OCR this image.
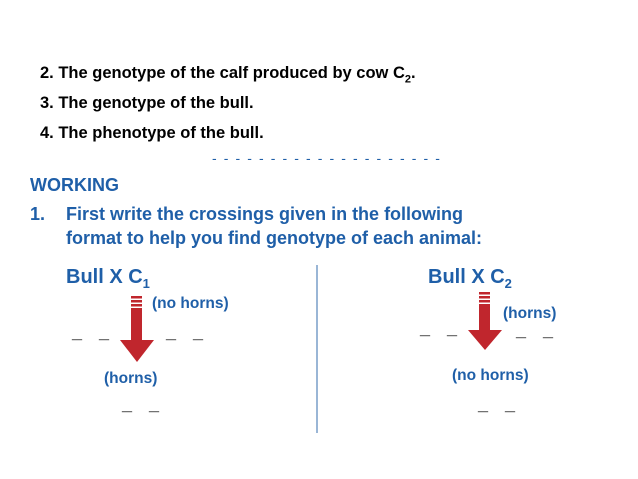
2. The genotype of the calf produced by cow $C_2$.
3. The genotype of the bull.
4. The phenotype of the bull.
- - - - - - - - - - - - - - - - - - - -
WORKING
1. First write the crossings given in the following
format to help you find genotype of each animal:
Bull X $C_1$
(no horns)
_ _	_ _
(horns)
_ _
Bull X $C_2$
(horns)
_ _	_ _
(no horns)
_ _
